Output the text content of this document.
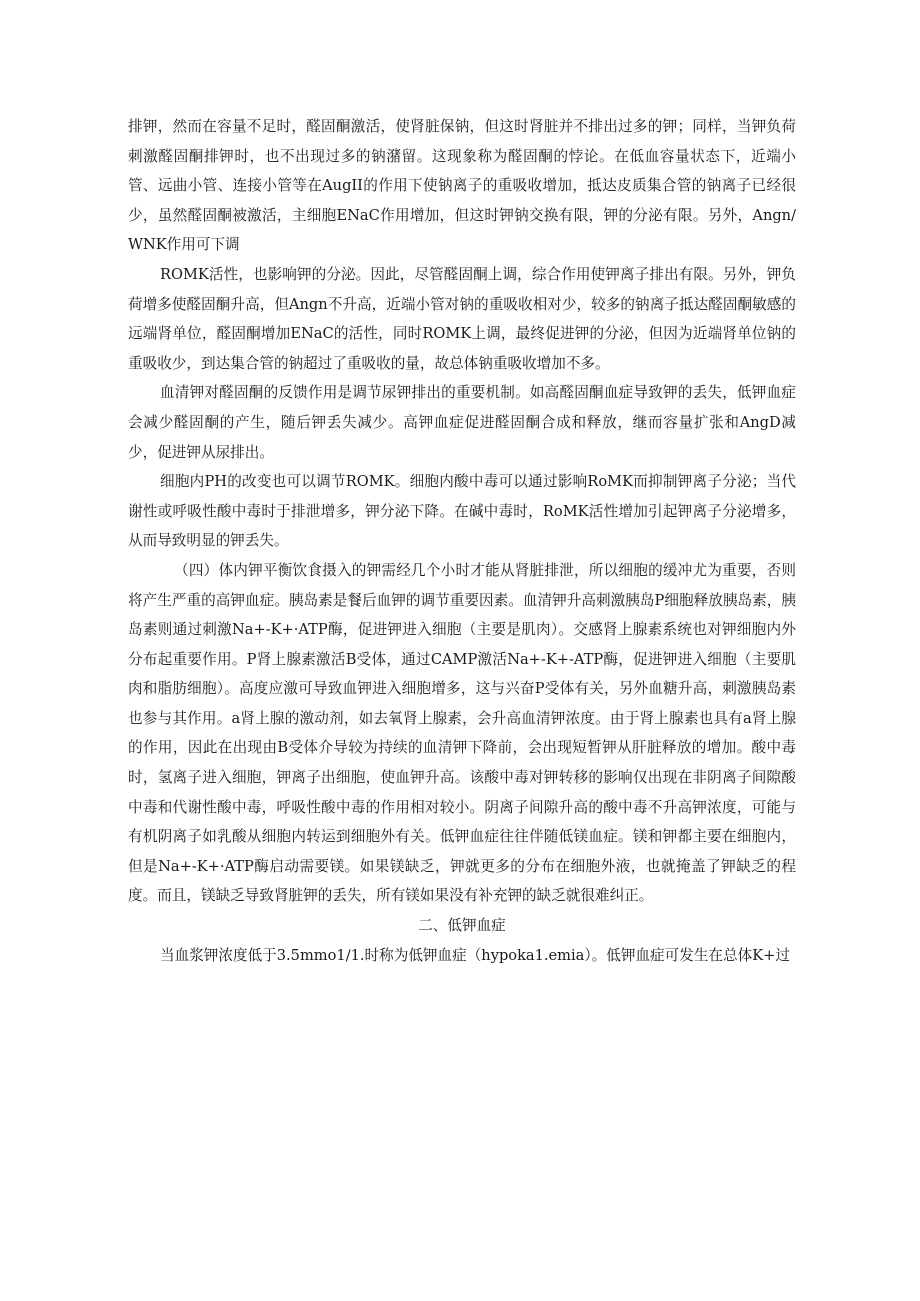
排钾，然而在容量不足时，醛固酮激活，使肾脏保钠，但这时肾脏并不排出过多的钾；同样，当钾负荷刺激醛固酮排钾时，也不出现过多的钠潴留。这现象称为醛固酮的悖论。在低血容量状态下，近端小管、远曲小管、连接小管等在AugII的作用下使钠离子的重吸收增加，抵达皮质集合管的钠离子已经很少，虽然醛固酮被激活，主细胞ENaC作用增加，但这时钾钠交换有限，钾的分泌有限。另外，Angn/WNK作用可下调

ROMK活性，也影响钾的分泌。因此，尽管醛固酮上调，综合作用使钾离子排出有限。另外，钾负荷增多使醛固酮升高，但Angn不升高，近端小管对钠的重吸收相对少，较多的钠离子抵达醛固酮敏感的远端肾单位，醛固酮增加ENaC的活性，同时ROMK上调，最终促进钾的分泌，但因为近端肾单位钠的重吸收少，到达集合管的钠超过了重吸收的量，故总体钠重吸收增加不多。

血清钾对醛固酮的反馈作用是调节尿钾排出的重要机制。如高醛固酮血症导致钾的丢失，低钾血症会减少醛固酮的产生，随后钾丢失减少。高钾血症促进醛固酮合成和释放，继而容量扩张和AngD减少，促进钾从尿排出。

细胞内PH的改变也可以调节ROMK。细胞内酸中毒可以通过影响RoMK而抑制钾离子分泌；当代谢性或呼吸性酸中毒时于排泄增多，钾分泌下降。在碱中毒时，RoMK活性增加引起钾离子分泌增多，从而导致明显的钾丢失。

（四）体内钾平衡饮食摄入的钾需经几个小时才能从肾脏排泄，所以细胞的缓冲尤为重要，否则将产生严重的高钾血症。胰岛素是餐后血钾的调节重要因素。血清钾升高刺激胰岛P细胞释放胰岛素，胰岛素则通过刺激Na+-K+·ATP酶，促进钾进入细胞（主要是肌肉）。交感肾上腺素系统也对钾细胞内外分布起重要作用。P肾上腺素激活B受体，通过CAMP激活Na+-K+-ATP酶，促进钾进入细胞（主要肌肉和脂肪细胞）。高度应激可导致血钾进入细胞增多，这与兴奋P受体有关，另外血糖升高，刺激胰岛素也参与其作用。a肾上腺的激动剂，如去氧肾上腺素，会升高血清钾浓度。由于肾上腺素也具有a肾上腺的作用，因此在出现由B受体介导较为持续的血清钾下降前，会出现短暂钾从肝脏释放的增加。酸中毒时，氢离子进入细胞，钾离子出细胞，使血钾升高。该酸中毒对钾转移的影响仅出现在非阴离子间隙酸中毒和代谢性酸中毒，呼吸性酸中毒的作用相对较小。阴离子间隙升高的酸中毒不升高钾浓度，可能与有机阴离子如乳酸从细胞内转运到细胞外有关。低钾血症往往伴随低镁血症。镁和钾都主要在细胞内，但是Na+-K+·ATP酶启动需要镁。如果镁缺乏，钾就更多的分布在细胞外液，也就掩盖了钾缺乏的程度。而且，镁缺乏导致肾脏钾的丢失，所有镁如果没有补充钾的缺乏就很难纠正。

二、低钾血症

当血浆钾浓度低于3.5mmo1∕1.时称为低钾血症（hypoka1.emia）。低钾血症可发生在总体K+过
